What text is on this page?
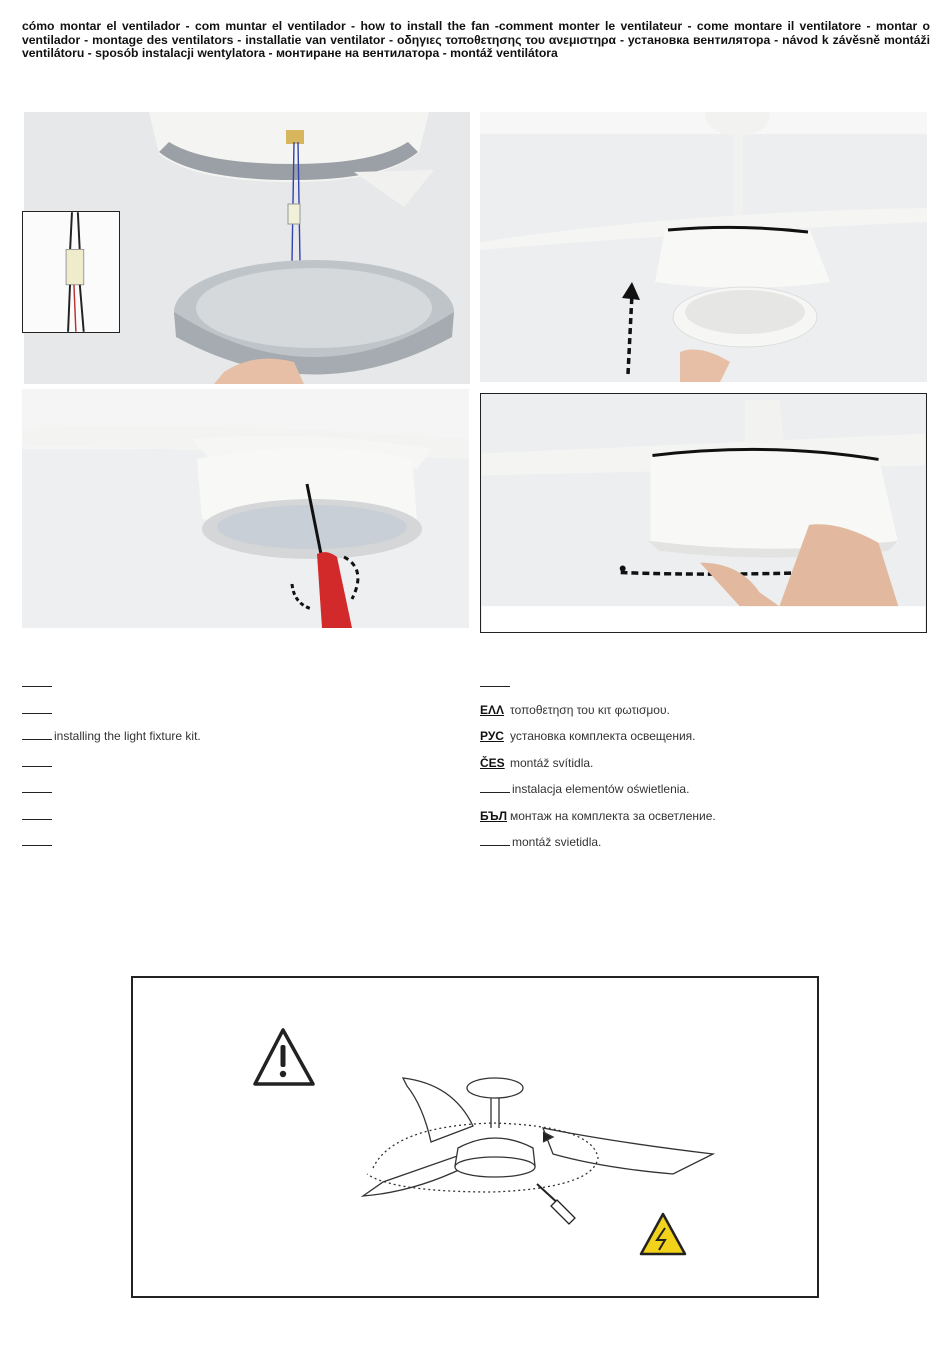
cómo montar el ventilador - com muntar el ventilador - how to install the fan -comment monter le ventilateur - come montare il ventilatore - montar o ventilador - montage des ventilators - installatie van ventilator - οδηγιες τοποθετησης του ανεμιστηρα - установка вентилятора - návod k závěsně montáži ventilátoru - sposób instalacji wentylatora - монтиране на вентилатора - montáž ventilátora
installing the light fixture kit.
ΕΛΛ τοποθετηση του κιτ φωτισμου.
РУС установка комплекта освещения.
ČES montáž svítidla.
instalacja elementów oświetlenia.
БЪЛ монтаж на комплекта за осветление.
montáž svietidla.
